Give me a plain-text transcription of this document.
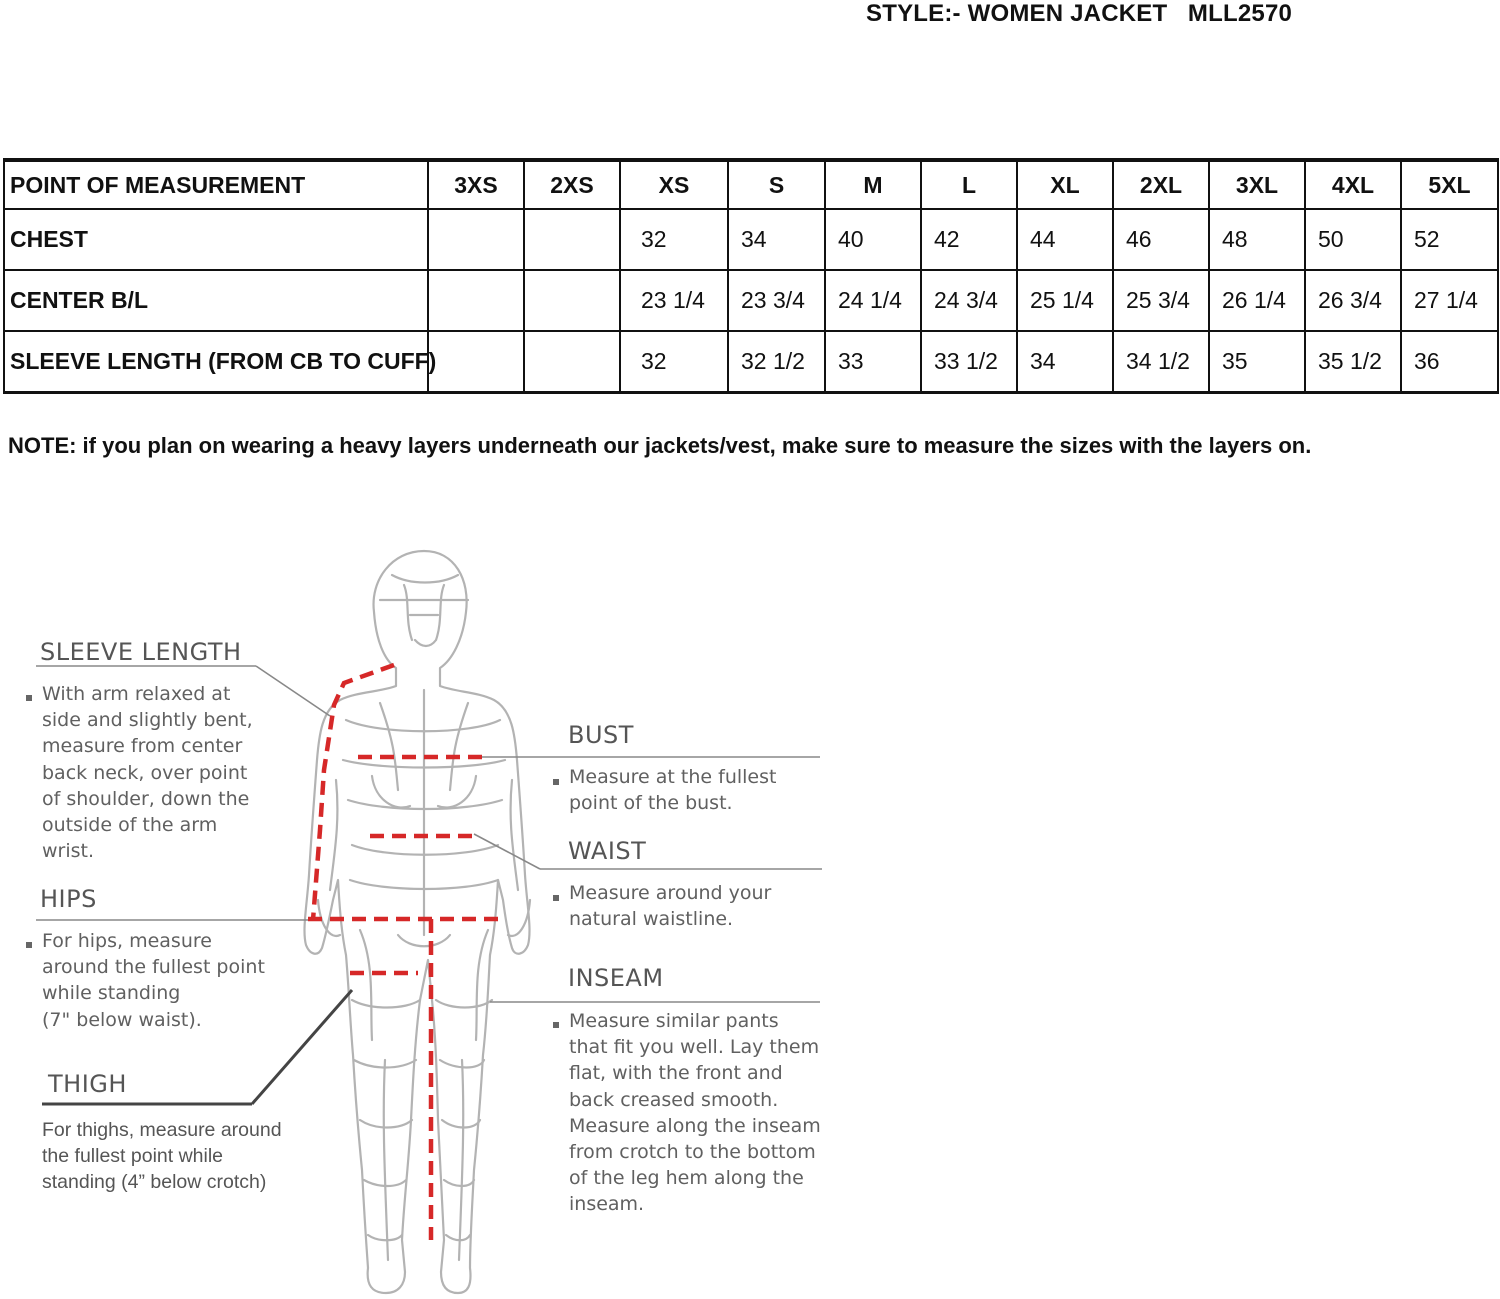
STYLE:- WOMEN JACKET   MLL2570
POINT OF MEASUREMENT	3XS	2XS	XS	S	M	L	XL	2XL	3XL	4XL	5XL
CHEST			32	34	40	42	44	46	48	50	52
CENTER B/L			23 1/4	23 3/4	24 1/4	24 3/4	25 1/4	25 3/4	26 1/4	26 3/4	27 1/4
SLEEVE LENGTH (FROM CB TO CUFF)			32	32 1/2	33	33 1/2	34	34 1/2	35	35 1/2	36
NOTE: if you plan on wearing a heavy layers underneath our jackets/vest, make sure to measure the sizes with the layers on.
SLEEVE LENGTH
With arm relaxed at
side and slightly bent,
measure from center
back neck, over point
of shoulder, down the
outside of the arm
wrist.
HIPS
For hips, measure
around the fullest point
while standing
(7" below waist).
THIGH
For thighs, measure around
the fullest point while
standing (4” below crotch)
BUST
Measure at the fullest
point of the bust.
WAIST
Measure around your
natural waistline.
INSEAM
Measure similar pants
that fit you well. Lay them
flat, with the front and
back creased smooth.
Measure along the inseam
from crotch to the bottom
of the leg hem along the
inseam.
